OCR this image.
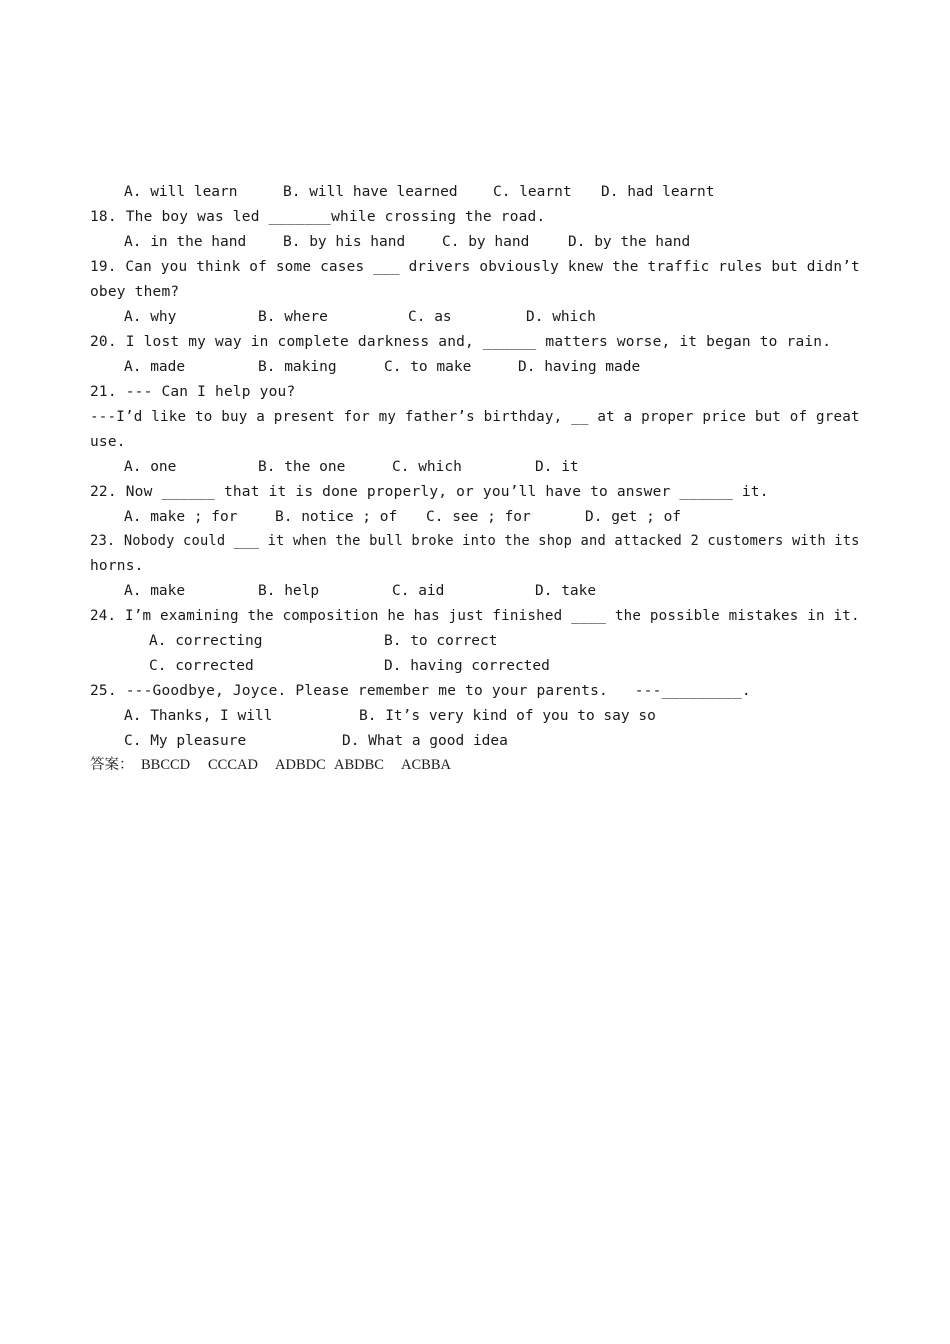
A. will learn	B. will have learned C. learnt D. had learnt
18. The boy was led _______while crossing the road.
A. in the hand	B. by his hand	C. by hand	D. by the hand
19. Can you think of some cases ___ drivers obviously knew the traffic rules but didn’t
obey them?
A. why	B. where	C. as	D. which
20. I lost my way in complete darkness and, ______ matters worse, it began to rain.
A. made	B. making	C. to make	D. having made
21. --- Can I help you?
---I’d like to buy a present for my father’s birthday, __ at a proper price but of great
use.
A. one	B. the one	C. which	D. it
22. Now ______ that it is done properly, or you’ll have to answer ______ it.
A. make ; for	B. notice ; of C. see ; for	D. get ; of
23. Nobody could ___ it when the bull broke into the shop and attacked 2 customers with its
horns.
A. make	B. help	C. aid	D. take
24. I’m examining the composition he has just finished ____ the possible mistakes in it.
A. correcting	B. to correct
C. corrected	D. having corrected
25. ---Goodbye, Joyce. Please remember me to your parents.   ---_________.
A. Thanks, I will	B. It’s very kind of you to say so
C. My pleasure	D. What a good idea
答案： BBCCD CCCAD ADBDC ABDBC ACBBA
